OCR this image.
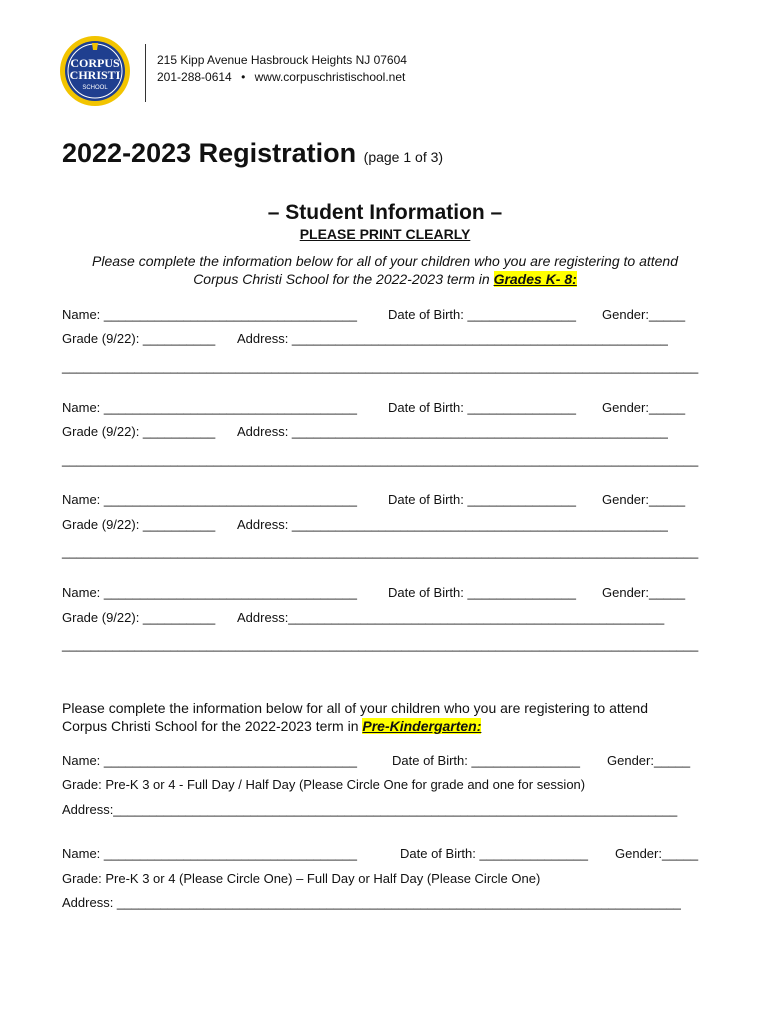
CORPUS
CHRISTI
SCHOOL
215 Kipp Avenue Hasbrouck Heights NJ 07604
201-288-0614 • www.corpuschristischool.net
2022-2023 Registration (page 1 of 3)
– Student Information –
PLEASE PRINT CLEARLY
Please complete the information below for all of your children who you are registering to attend
Corpus Christi School for the 2022-2023 term in Grades K- 8:
Name: ___________________________________ Date of Birth: _______________ Gender:_____
Grade (9/22): __________ Address: ____________________________________________________
________________________________________________________________________________________
Name: ___________________________________ Date of Birth: _______________ Gender:_____
Grade (9/22): __________ Address: ____________________________________________________
________________________________________________________________________________________
Name: ___________________________________ Date of Birth: _______________ Gender:_____
Grade (9/22): __________ Address: ____________________________________________________
________________________________________________________________________________________
Name: ___________________________________ Date of Birth: _______________ Gender:_____
Grade (9/22): __________ Address:____________________________________________________
________________________________________________________________________________________
Please complete the information below for all of your children who you are registering to attend
Corpus Christi School for the 2022-2023 term in Pre-Kindergarten:
Name: ___________________________________	Date of Birth: _______________ Gender:_____
Grade: Pre-K 3 or 4 - Full Day / Half Day (Please Circle One for grade and one for session)
Address:______________________________________________________________________________
Name: ___________________________________	Date of Birth: _______________ Gender:_____
Grade: Pre-K 3 or 4 (Please Circle One) – Full Day or Half Day (Please Circle One)
Address: ______________________________________________________________________________
